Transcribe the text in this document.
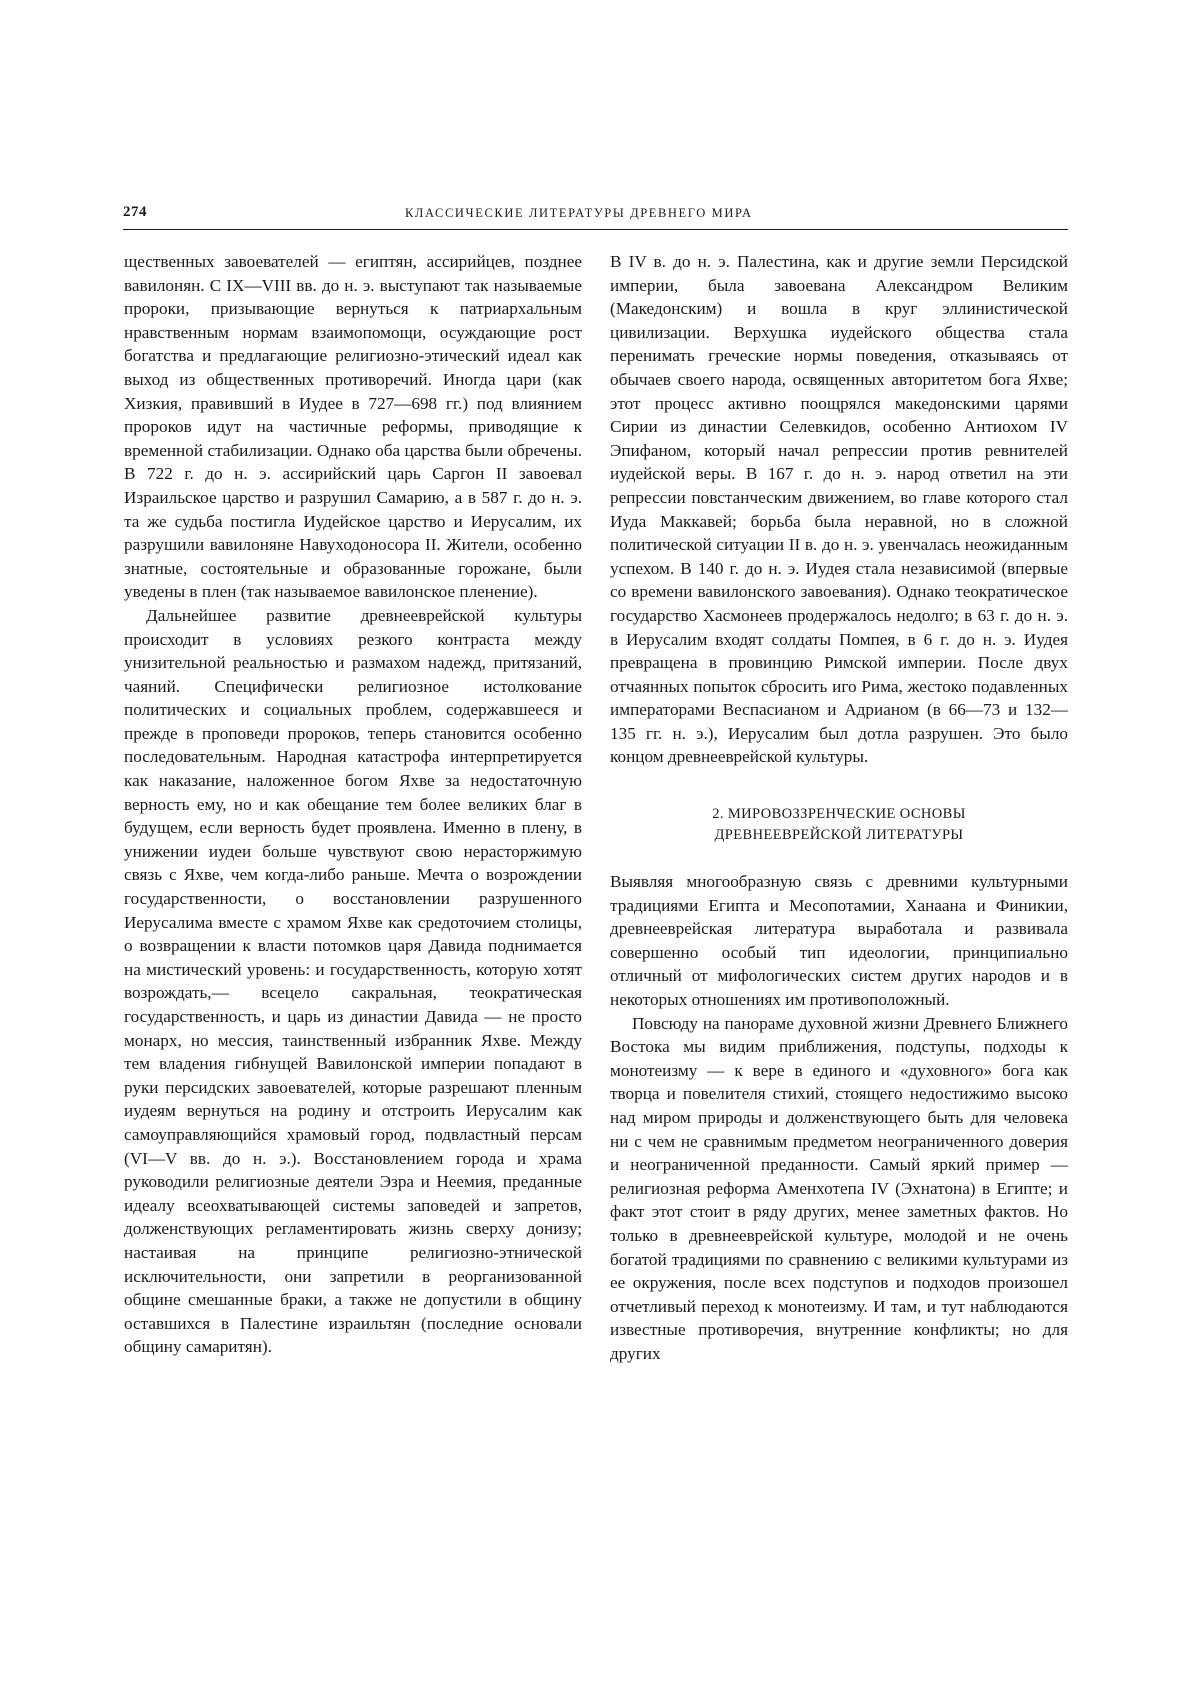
274	КЛАССИЧЕСКИЕ ЛИТЕРАТУРЫ ДРЕВНЕГО МИРА

щественных завоевателей — египтян, ассирийцев, позднее вавилонян. С IX—VIII вв. до н. э. выступают так называемые пророки, призывающие вернуться к патриархальным нравственным нормам взаимопомощи, осуждающие рост богатства и предлагающие религиозно-этический идеал как выход из общественных противоречий. Иногда цари (как Хизкия, правивший в Иудее в 727—698 гг.) под влиянием пророков идут на частичные реформы, приводящие к временной стабилизации. Однако оба царства были обречены. В 722 г. до н. э. ассирийский царь Саргон II завоевал Израильское царство и разрушил Самарию, а в 587 г. до н. э. та же судьба постигла Иудейское царство и Иерусалим, их разрушили вавилоняне Навуходоносора II. Жители, особенно знатные, состоятельные и образованные горожане, были уведены в плен (так называемое вавилонское пленение).

Дальнейшее развитие древнееврейской культуры происходит в условиях резкого контраста между унизительной реальностью и размахом надежд, притязаний, чаяний. Специфически религиозное истолкование политических и социальных проблем, содержавшееся и прежде в проповеди пророков, теперь становится особенно последовательным. Народная катастрофа интерпретируется как наказание, наложенное богом Яхве за недостаточную верность ему, но и как обещание тем более великих благ в будущем, если верность будет проявлена. Именно в плену, в унижении иудеи больше чувствуют свою нерасторжимую связь с Яхве, чем когда-либо раньше. Мечта о возрождении государственности, о восстановлении разрушенного Иерусалима вместе с храмом Яхве как средоточием столицы, о возвращении к власти потомков царя Давида поднимается на мистический уровень: и государственность, которую хотят возрождать,— всецело сакральная, теократическая государственность, и царь из династии Давида — не просто монарх, но мессия, таинственный избранник Яхве. Между тем владения гибнущей Вавилонской империи попадают в руки персидских завоевателей, которые разрешают пленным иудеям вернуться на родину и отстроить Иерусалим как самоуправляющийся храмовый город, подвластный персам (VI—V вв. до н. э.). Восстановлением города и храма руководили религиозные деятели Эзра и Неемия, преданные идеалу всеохватывающей системы заповедей и запретов, долженствующих регламентировать жизнь сверху донизу; настаивая на принципе религиозно-этнической исключительности, они запретили в реорганизованной общине смешанные браки, а также не допустили в общину оставшихся в Палестине израильтян (последние основали общину самаритян).

В IV в. до н. э. Палестина, как и другие земли Персидской империи, была завоевана Александром Великим (Македонским) и вошла в круг эллинистической цивилизации. Верхушка иудейского общества стала перенимать греческие нормы поведения, отказываясь от обычаев своего народа, освященных авторитетом бога Яхве; этот процесс активно поощрялся македонскими царями Сирии из династии Селевкидов, особенно Антиохом IV Эпифаном, который начал репрессии против ревнителей иудейской веры. В 167 г. до н. э. народ ответил на эти репрессии повстанческим движением, во главе которого стал Иуда Маккавей; борьба была неравной, но в сложной политической ситуации II в. до н. э. увенчалась неожиданным успехом. В 140 г. до н. э. Иудея стала независимой (впервые со времени вавилонского завоевания). Однако теократическое государство Хасмонеев продержалось недолго; в 63 г. до н. э. в Иерусалим входят солдаты Помпея, в 6 г. до н. э. Иудея превращена в провинцию Римской империи. После двух отчаянных попыток сбросить иго Рима, жестоко подавленных императорами Веспасианом и Адрианом (в 66—73 и 132—135 гг. н. э.), Иерусалим был дотла разрушен. Это было концом древнееврейской культуры.

2. МИРОВОЗЗРЕНЧЕСКИЕ ОСНОВЫ
ДРЕВНЕЕВРЕЙСКОЙ ЛИТЕРАТУРЫ

Выявляя многообразную связь с древними культурными традициями Египта и Месопотамии, Ханаана и Финикии, древнееврейская литература выработала и развивала совершенно особый тип идеологии, принципиально отличный от мифологических систем других народов и в некоторых отношениях им противоположный.

Повсюду на панораме духовной жизни Древнего Ближнего Востока мы видим приближения, подступы, подходы к монотеизму — к вере в единого и «духовного» бога как творца и повелителя стихий, стоящего недостижимо высоко над миром природы и долженствующего быть для человека ни с чем не сравнимым предметом неограниченного доверия и неограниченной преданности. Самый яркий пример — религиозная реформа Аменхотепа IV (Эхнатона) в Египте; и факт этот стоит в ряду других, менее заметных фактов. Но только в древнееврейской культуре, молодой и не очень богатой традициями по сравнению с великими культурами из ее окружения, после всех подступов и подходов произошел отчетливый переход к монотеизму. И там, и тут наблюдаются известные противоречия, внутренние конфликты; но для других
